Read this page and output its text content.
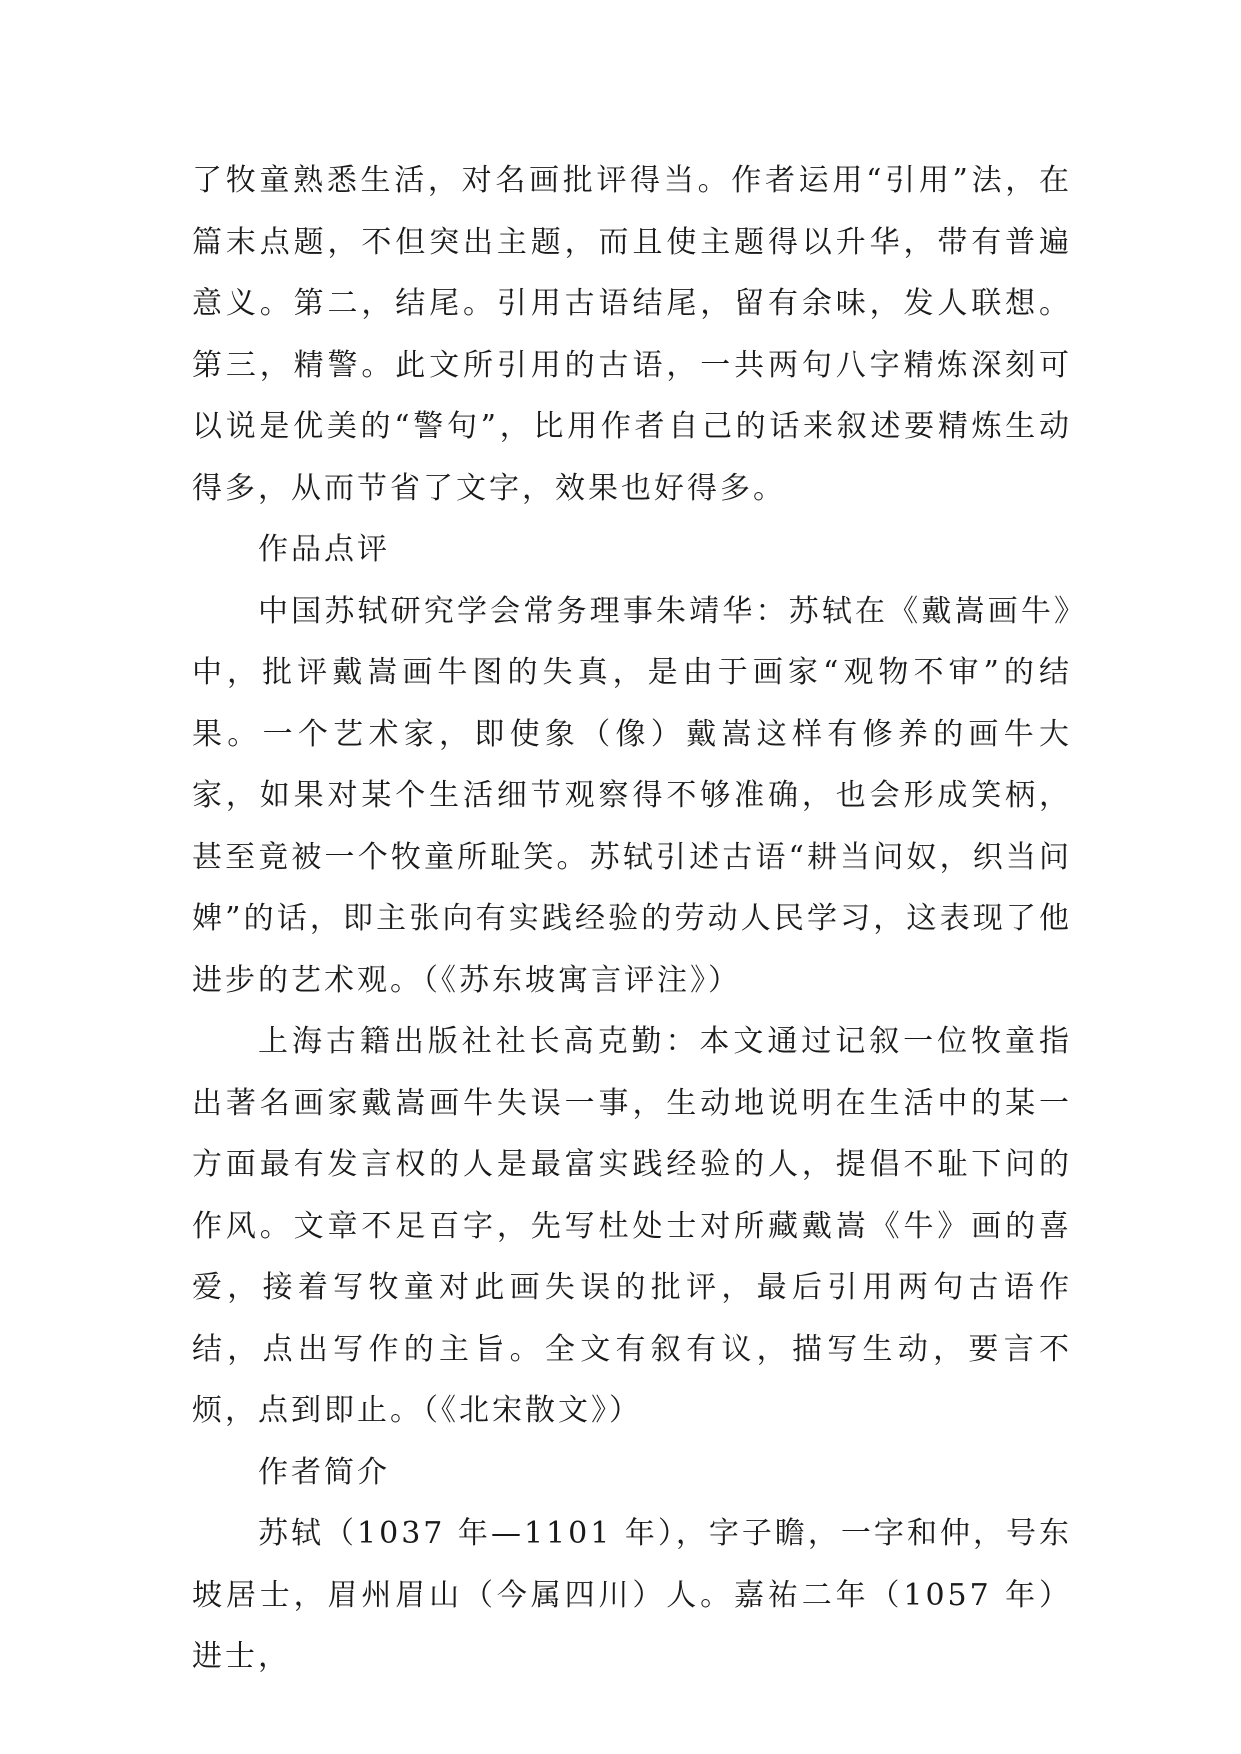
了牧童熟悉生活，对名画批评得当。作者运用“引用”法，在篇末点题，不但突出主题，而且使主题得以升华，带有普遍意义。第二，结尾。引用古语结尾，留有余味，发人联想。第三，精警。此文所引用的古语，一共两句八字精炼深刻可以说是优美的“警句”，比用作者自己的话来叙述要精炼生动得多，从而节省了文字，效果也好得多。

作品点评

中国苏轼研究学会常务理事朱靖华：苏轼在《戴嵩画牛》中，批评戴嵩画牛图的失真，是由于画家“观物不审”的结果。一个艺术家，即使象（像）戴嵩这样有修养的画牛大家，如果对某个生活细节观察得不够准确，也会形成笑柄，甚至竟被一个牧童所耻笑。苏轼引述古语“耕当问奴，织当问婢”的话，即主张向有实践经验的劳动人民学习，这表现了他进步的艺术观。（《苏东坡寓言评注》）

上海古籍出版社社长高克勤：本文通过记叙一位牧童指出著名画家戴嵩画牛失误一事，生动地说明在生活中的某一方面最有发言权的人是最富实践经验的人，提倡不耻下问的作风。文章不足百字，先写杜处士对所藏戴嵩《牛》画的喜爱，接着写牧童对此画失误的批评，最后引用两句古语作结，点出写作的主旨。全文有叙有议，描写生动，要言不烦，点到即止。（《北宋散文》）

作者简介

苏轼（1037 年—1101 年），字子瞻，一字和仲，号东坡居士，眉州眉山（今属四川）人。嘉祐二年（1057 年）进士，
